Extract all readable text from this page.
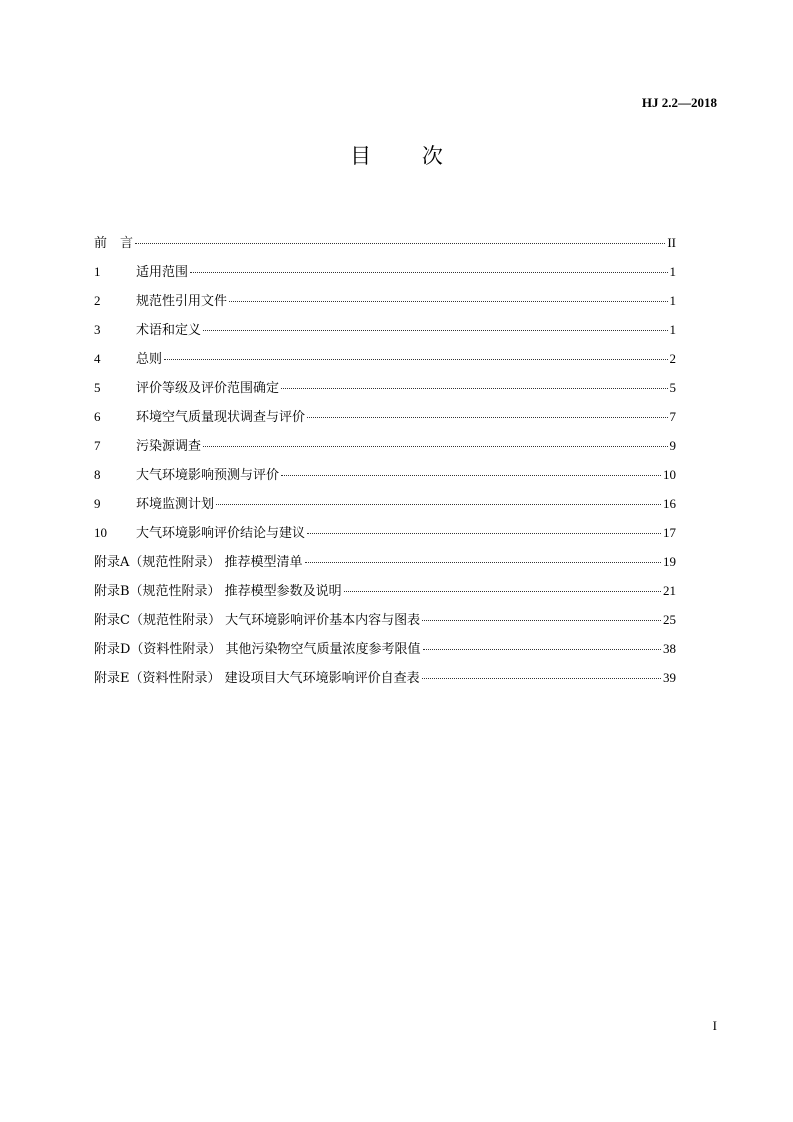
HJ 2.2—2018
目 次
前　言	II
1	适用范围	1
2	规范性引用文件	1
3	术语和定义	1
4	总则	2
5	评价等级及评价范围确定	5
6	环境空气质量现状调查与评价	7
7	污染源调查	9
8	大气环境影响预测与评价	10
9	环境监测计划	16
10	大气环境影响评价结论与建议	17
附录A（规范性附录） 推荐模型清单	19
附录B（规范性附录） 推荐模型参数及说明	21
附录C（规范性附录） 大气环境影响评价基本内容与图表	25
附录D（资料性附录） 其他污染物空气质量浓度参考限值	38
附录E（资料性附录） 建设项目大气环境影响评价自查表	39
I
